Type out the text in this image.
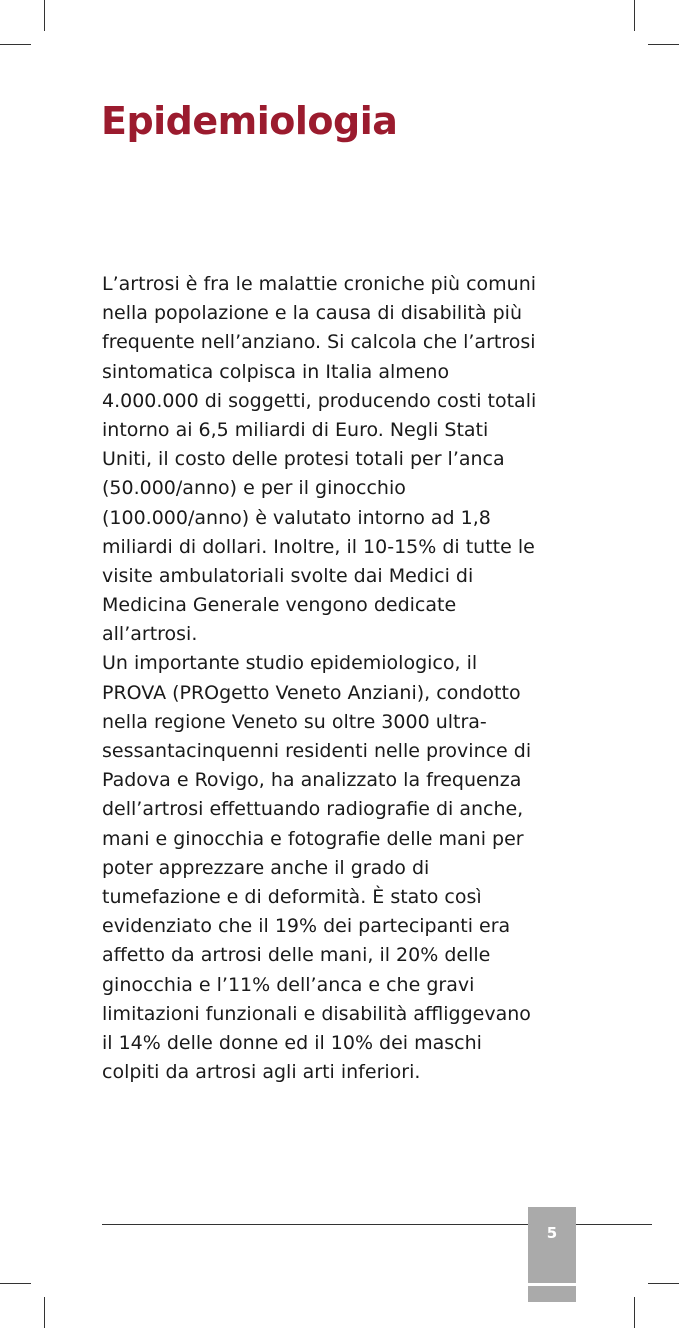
Epidemiologia
L’artrosi è fra le malattie croniche più comuni
nella popolazione e la causa di disabilità più
frequente nell’anziano. Si calcola che l’artrosi
sintomatica colpisca in Italia almeno
4.000.000 di soggetti, producendo costi totali
intorno ai 6,5 miliardi di Euro. Negli Stati
Uniti, il costo delle protesi totali per l’anca
(50.000/anno) e per il ginocchio
(100.000/anno) è valutato intorno ad 1,8
miliardi di dollari. Inoltre, il 10-15% di tutte le
visite ambulatoriali svolte dai Medici di
Medicina Generale vengono dedicate
all’artrosi.
Un importante studio epidemiologico, il
PROVA (PROgetto Veneto Anziani), condotto
nella regione Veneto su oltre 3000 ultra-
sessantacinquenni residenti nelle province di
Padova e Rovigo, ha analizzato la frequenza
dell’artrosi effettuando radiografie di anche,
mani e ginocchia e fotografie delle mani per
poter apprezzare anche il grado di
tumefazione e di deformità. È stato così
evidenziato che il 19% dei partecipanti era
affetto da artrosi delle mani, il 20% delle
ginocchia e l’11% dell’anca e che gravi
limitazioni funzionali e disabilità affliggevano
il 14% delle donne ed il 10% dei maschi
colpiti da artrosi agli arti inferiori.
5
